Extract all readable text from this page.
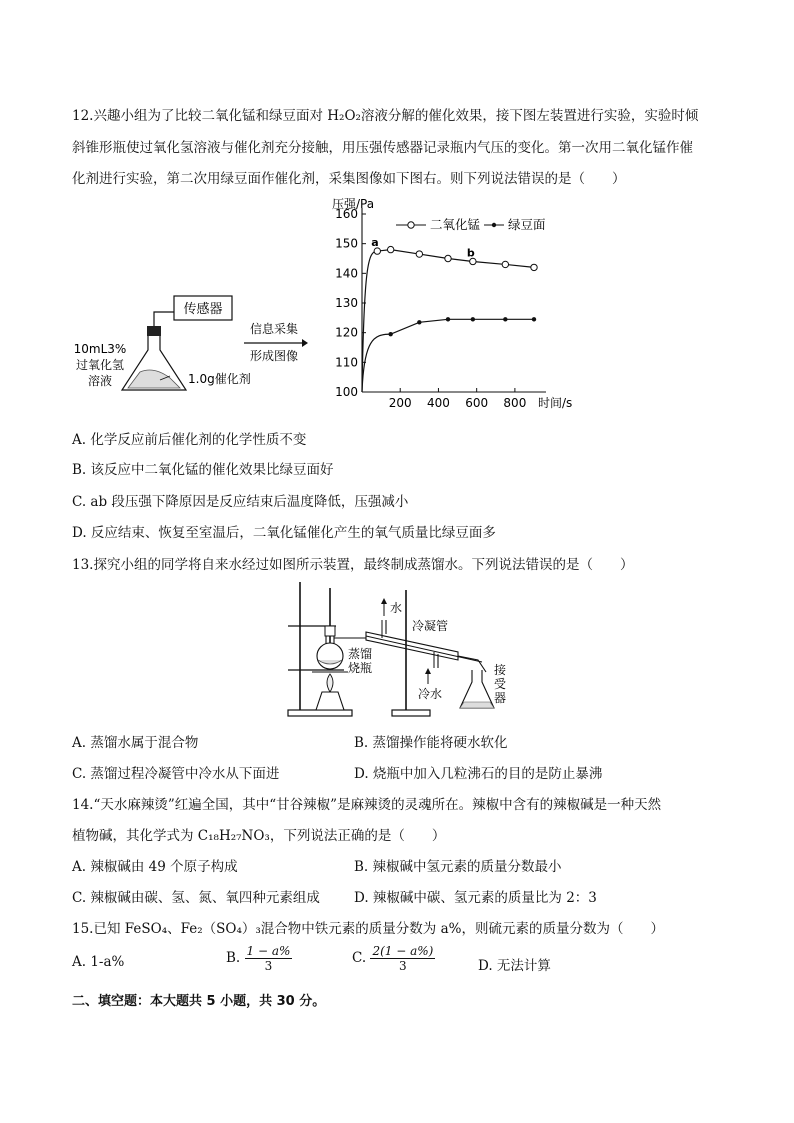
12.兴趣小组为了比较二氧化锰和绿豆面对 H₂O₂溶液分解的催化效果，接下图左装置进行实验，实验时倾
斜锥形瓶使过氧化氢溶液与催化剂充分接触，用压强传感器记录瓶内气压的变化。第一次用二氧化锰作催
化剂进行实验，第二次用绿豆面作催化剂，采集图像如下图右。则下列说法错误的是（　　）
传感器
10mL3%
过氧化氢
溶液	1.0g催化剂
信息采集
形成图像
100
110
120
130
140
150
160
200 400 600 800
压强/Pa
时间/s
二氧化锰 绿豆面
a
b
A. 化学反应前后催化剂的化学性质不变
B. 该反应中二氧化锰的催化效果比绿豆面好
C. ab 段压强下降原因是反应结束后温度降低，压强减小
D. 反应结束、恢复至室温后，二氧化锰催化产生的氧气质量比绿豆面多
13.探究小组的同学将自来水经过如图所示装置，最终制成蒸馏水。下列说法错误的是（　　）
水
冷凝管
蒸馏
烧瓶
冷水
接
受
器
A. 蒸馏水属于混合物	B. 蒸馏操作能将硬水软化
C. 蒸馏过程冷凝管中冷水从下面进	D. 烧瓶中加入几粒沸石的目的是防止暴沸
14.“天水麻辣烫”红遍全国，其中“甘谷辣椒”是麻辣烫的灵魂所在。辣椒中含有的辣椒碱是一种天然
植物碱，其化学式为 C₁₈H₂₇NO₃，下列说法正确的是（　　）
A. 辣椒碱由 49 个原子构成	B. 辣椒碱中氢元素的质量分数最小
C. 辣椒碱由碳、氢、氮、氧四种元素组成	D. 辣椒碱中碳、氢元素的质量比为 2：3
15.已知 FeSO₄、Fe₂（SO₄）₃混合物中铁元素的质量分数为 a%，则硫元素的质量分数为（　　）
A. 1-a%	B. $\frac{1 - a\%}{3}$	C. $\frac{2(1 - a\%)}{3}$	D. 无法计算
二、填空题：本大题共 5 小题，共 30 分。
